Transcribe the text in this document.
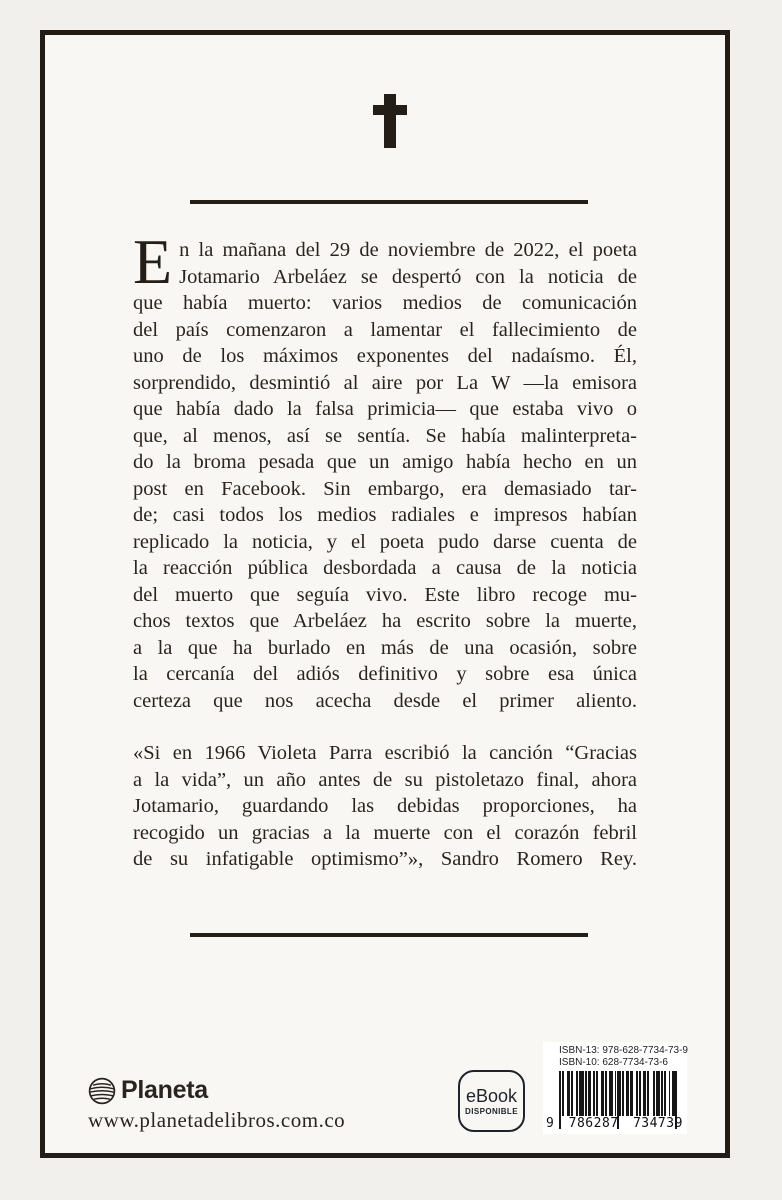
E n la mañana del 29 de noviembre de 2022, el poeta
Jotamario Arbeláez se despertó con la noticia de
que había muerto: varios medios de comunicación
del país comenzaron a lamentar el fallecimiento de
uno de los máximos exponentes del nadaísmo. Él,
sorprendido, desmintió al aire por La W —la emisora
que había dado la falsa primicia— que estaba vivo o
que, al menos, así se sentía. Se había malinterpreta-
do la broma pesada que un amigo había hecho en un
post en Facebook. Sin embargo, era demasiado tar-
de; casi todos los medios radiales e impresos habían
replicado la noticia, y el poeta pudo darse cuenta de
la reacción pública desbordada a causa de la noticia
del muerto que seguía vivo. Este libro recoge mu-
chos textos que Arbeláez ha escrito sobre la muerte,
a la que ha burlado en más de una ocasión, sobre
la cercanía del adiós definitivo y sobre esa única
certeza que nos acecha desde el primer aliento.
«Si en 1966 Violeta Parra escribió la canción “Gracias
a la vida”, un año antes de su pistoletazo final, ahora
Jotamario, guardando las debidas proporciones, ha
recogido un gracias a la muerte con el corazón febril
de su infatigable optimismo”», Sandro Romero Rey.
Planeta
www.planetadelibros.com.co
eBook
DISPONIBLE
ISBN-13: 978-628-7734-73-9
ISBN-10: 628-7734-73-6
9 786287 734739
